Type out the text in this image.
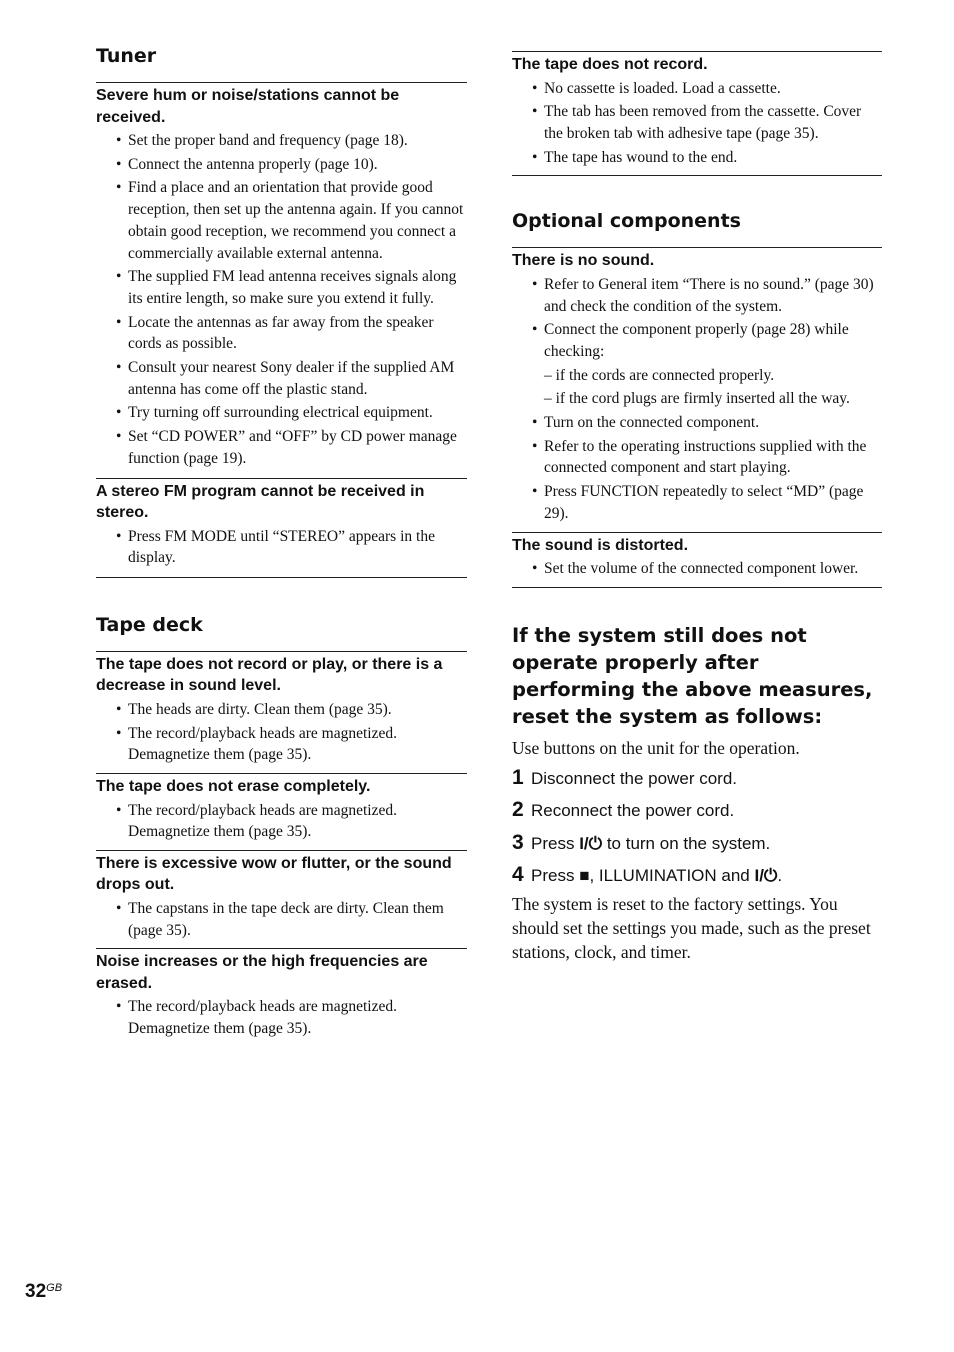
Tuner
Severe hum or noise/stations cannot be received.
• Set the proper band and frequency (page 18).
• Connect the antenna properly (page 10).
• Find a place and an orientation that provide good reception, then set up the antenna again. If you cannot obtain good reception, we recommend you connect a commercially available external antenna.
• The supplied FM lead antenna receives signals along its entire length, so make sure you extend it fully.
• Locate the antennas as far away from the speaker cords as possible.
• Consult your nearest Sony dealer if the supplied AM antenna has come off the plastic stand.
• Try turning off surrounding electrical equipment.
• Set “CD POWER” and “OFF” by CD power manage function (page 19).
A stereo FM program cannot be received in stereo.
• Press FM MODE until “STEREO” appears in the display.
Tape deck
The tape does not record or play, or there is a decrease in sound level.
• The heads are dirty. Clean them (page 35).
• The record/playback heads are magnetized. Demagnetize them (page 35).
The tape does not erase completely.
• The record/playback heads are magnetized. Demagnetize them (page 35).
There is excessive wow or flutter, or the sound drops out.
• The capstans in the tape deck are dirty. Clean them (page 35).
Noise increases or the high frequencies are erased.
• The record/playback heads are magnetized. Demagnetize them (page 35).
The tape does not record.
• No cassette is loaded. Load a cassette.
• The tab has been removed from the cassette. Cover the broken tab with adhesive tape (page 35).
• The tape has wound to the end.
Optional components
There is no sound.
• Refer to General item “There is no sound.” (page 30) and check the condition of the system.
• Connect the component properly (page 28) while checking:
– if the cords are connected properly.
– if the cord plugs are firmly inserted all the way.
• Turn on the connected component.
• Refer to the operating instructions supplied with the connected component and start playing.
• Press FUNCTION repeatedly to select “MD” (page 29).
The sound is distorted.
• Set the volume of the connected component lower.
If the system still does not operate properly after performing the above measures, reset the system as follows:

Use buttons on the unit for the operation.

1 Disconnect the power cord.
2 Reconnect the power cord.
3 Press I/⏻ to turn on the system.
4 Press ■, ILLUMINATION and I/⏻.

The system is reset to the factory settings. You should set the settings you made, such as the preset stations, clock, and timer.

$32^{GB}$
